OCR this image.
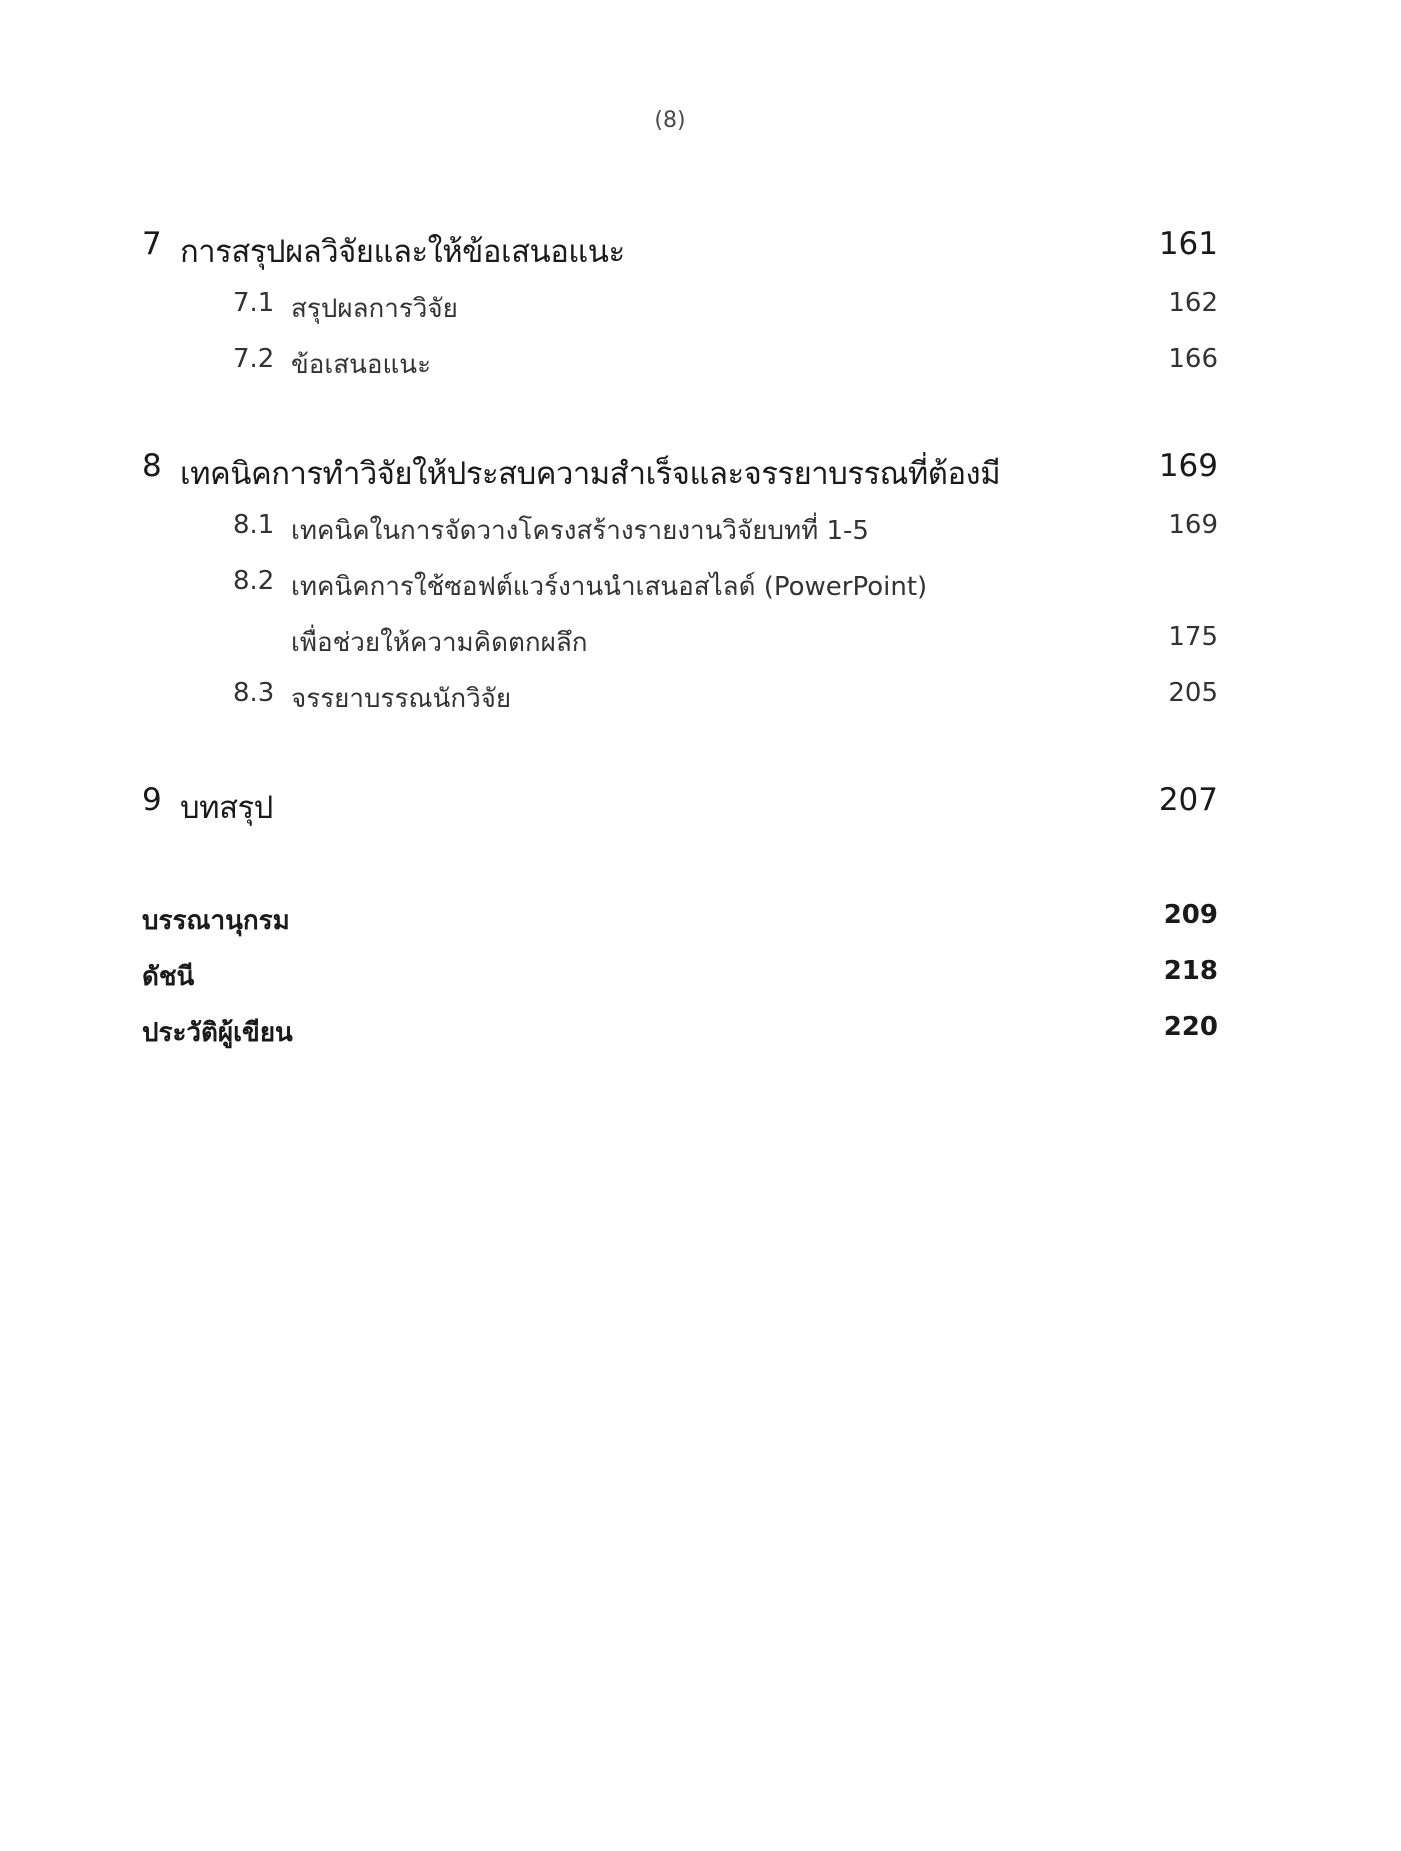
(8)
7 การสรุปผลวิจัยและให้ข้อเสนอแนะ	161
7.1 สรุปผลการวิจัย	162
7.2 ข้อเสนอแนะ	166
8 เทคนิคการทำวิจัยให้ประสบความสำเร็จและจรรยาบรรณที่ต้องมี	169
8.1 เทคนิคในการจัดวางโครงสร้างรายงานวิจัยบทที่ 1-5	169
8.2 เทคนิคการใช้ซอฟต์แวร์งานนำเสนอสไลด์ (PowerPoint)
เพื่อช่วยให้ความคิดตกผลึก	175
8.3 จรรยาบรรณนักวิจัย	205
9 บทสรุป	207
บรรณานุกรม	209
ดัชนี	218
ประวัติผู้เขียน	220
